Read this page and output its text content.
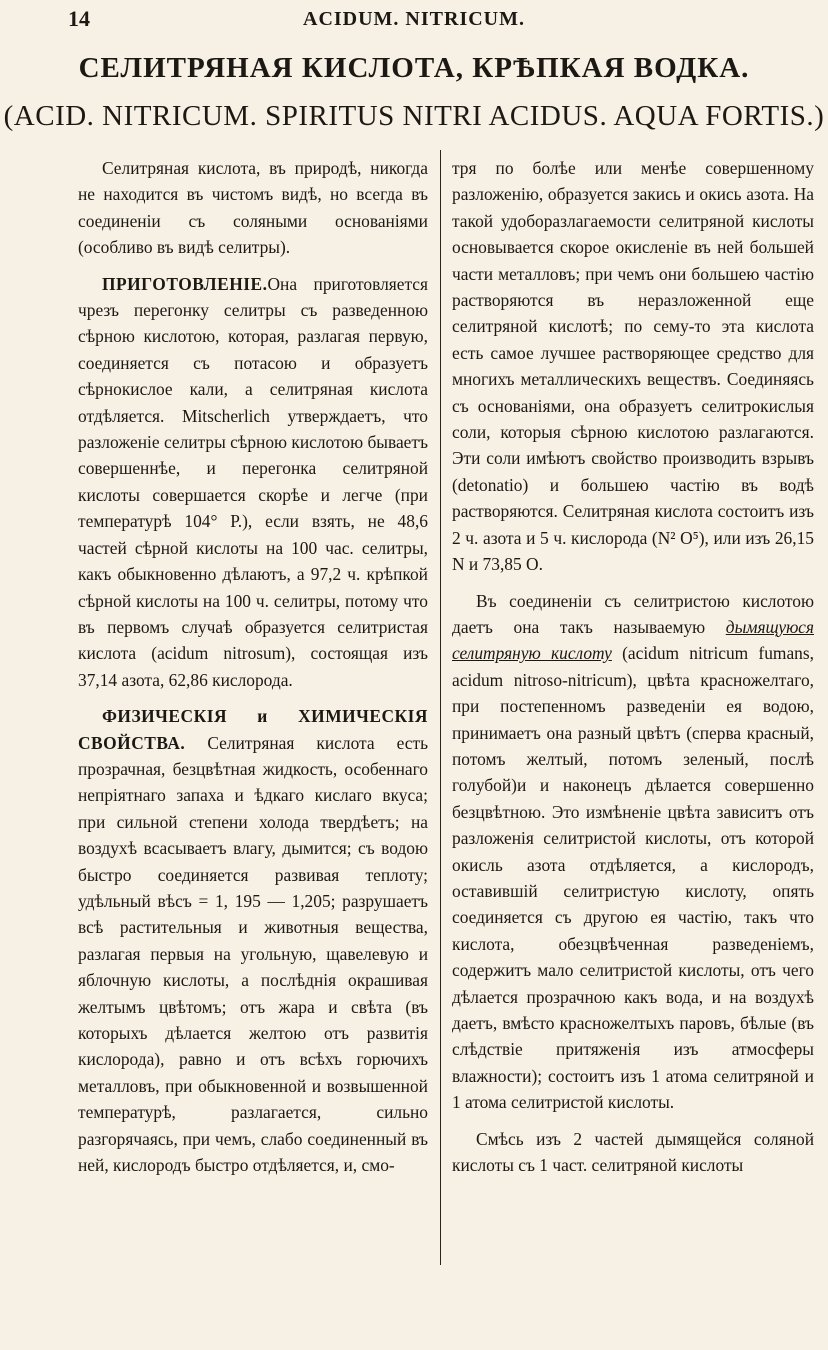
14	ACIDUM. NITRICUM.
СЕЛИТРЯНАЯ КИСЛОТА, КРѢПКАЯ ВОДКА.
(ACID. NITRICUM. SPIRITUS NITRI ACIDUS. AQUA FORTIS.)

Селитряная кислота, въ природѣ, никогда не находится въ чистомъ видѣ, но всегда въ соединеніи съ соляными основаніями (особливо въ видѣ селитры).

ПРИГОТОВЛЕНІЕ.Она приготовляется чрезъ перегонку селитры съ разведенною сѣрною кислотою, которая, разлагая первую, соединяется съ потасою и образуетъ сѣрнокислое кали, а селитряная кислота отдѣляется. Mitscherlich утверждаетъ, что разложеніе селитры сѣрною кислотою бываетъ совершеннѣе, и перегонка селитряной кислоты совершается скорѣе и легче (при температурѣ 104° Р.), если взять, не 48,6 частей сѣрной кислоты на 100 час. селитры, какъ обыкновенно дѣлаютъ, а 97,2 ч. крѣпкой сѣрной кислоты на 100 ч. селитры, потому что въ первомъ случаѣ образуется селитристая кислота (acidum nitrosum), состоящая изъ 37,14 азота, 62,86 кислорода.

ФИЗИЧЕСКІЯ и ХИМИЧЕСКІЯ СВОЙСТВА. Селитряная кислота есть прозрачная, безцвѣтная жидкость, особеннаго непріятнаго запаха и ѣдкаго кислаго вкуса; при сильной степени холода твердѣетъ; на воздухѣ всасываетъ влагу, дымится; съ водою быстро соединяется развивая теплоту; удѣльный вѣсъ = 1, 195 — 1,205; разрушаетъ всѣ растительныя и животныя вещества, разлагая первыя на угольную, щавелевую и яблочную кислоты, а послѣднія окрашивая желтымъ цвѣтомъ; отъ жара и свѣта (въ которыхъ дѣлается желтою отъ развитія кислорода), равно и отъ всѣхъ горючихъ металловъ, при обыкновенной и возвышенной температурѣ, разлагается, сильно разгорячаясь, при чемъ, слабо соединенный въ ней, кислородъ быстро отдѣляется, и, смо-

тря по болѣе или менѣе совершенному разложенію, образуется закись и окись азота. На такой удобоpазлагаемости селитряной кислоты основывается скорое окисленіе въ ней большей части металловъ; при чемъ они большею частію растворяются въ неразложенной еще селитряной кислотѣ; по сему-то эта кислота есть самое лучшее растворяющее средство для многихъ металлическихъ веществъ. Соединяясь съ основаніями, она образуетъ селитрокислыя соли, которыя сѣрною кислотою разлагаются. Эти соли имѣютъ свойство производить взрывъ (detonatio) и большею частію въ водѣ растворяются. Селитряная кислота состоитъ изъ 2 ч. азота и 5 ч. кислорода (N² O⁵), или изъ 26,15 N и 73,85 O.

Въ соединеніи съ селитристою кислотою даетъ она такъ называемую дымящуюся селитряную кислоту (acidum nitricum fumans, acidum nitroso-nitricum), цвѣта красножелтаго, при постепенномъ разведеніи ея водою, принимаетъ она разный цвѣтъ (сперва красный, потомъ желтый, потомъ зеленый, послѣ голубой)и и наконецъ дѣлается совершенно безцвѣтною. Это измѣненіе цвѣта зависитъ отъ разложенія селитристой кислоты, отъ которой окисль азота отдѣляется, а кислородъ, оставившій селитристую кислоту, опять соединяется съ другою ея частію, такъ что кислота, обезцвѣченная разведеніемъ, содержитъ мало селитристой кислоты, отъ чего дѣлается прозрачною какъ вода, и на воздухѣ даетъ, вмѣсто красножелтыхъ паровъ, бѣлые (въ слѣдствіе притяженія изъ атмосферы влажности); состоитъ изъ 1 атома селитряной и 1 атома селитристой кислоты.

Смѣсь изъ 2 частей дымящейся соляной кислоты съ 1 част. селитряной кислоты
